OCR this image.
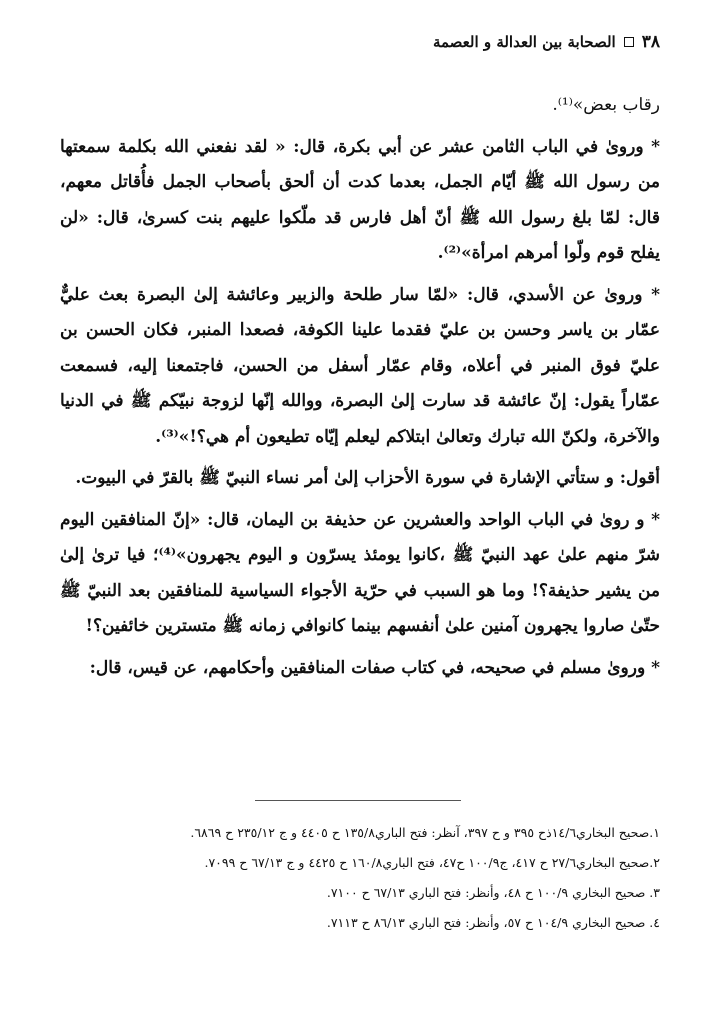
٣٨
الصحابة بين العدالة و العصمة

رقاب بعض»⁽¹⁾.

* وروىٰ في الباب الثامن عشر عن أبي بكرة، قال: « لقد نفعني الله بكلمة سمعتها من رسول الله ﷺ أيّام الجمل، بعدما كدت أن ألحق بأصحاب الجمل فأُقاتل معهم، قال: لمّا بلغ رسول الله ﷺ أنّ أهل فارس قد ملّكوا عليهم بنت كسرىٰ، قال: «لن يفلح قوم ولّوا أمرهم امرأة»⁽²⁾.

* وروىٰ عن الأسدي، قال: «لمّا سار طلحة والزبير وعائشة إلىٰ البصرة بعث عليٌّ عمّار بن ياسر وحسن بن عليّ فقدما علينا الكوفة، فصعدا المنبر، فكان الحسن بن عليّ فوق المنبر في أعلاه، وقام عمّار أسفل من الحسن، فاجتمعنا إليه، فسمعت عمّاراً يقول: إنّ عائشة قد سارت إلىٰ البصرة، ووالله إنّها لزوجة نبيّكم ﷺ في الدنيا والآخرة، ولكنّ الله تبارك وتعالىٰ ابتلاكم ليعلم إيّاه تطيعون أم هي؟!»⁽³⁾.

أقول: و ستأتي الإشارة في سورة الأحزاب إلىٰ أمر نساء النبيّ ﷺ بالقرّ في البيوت.

* و روىٰ في الباب الواحد والعشرين عن حذيفة بن اليمان، قال: «إنّ المنافقين اليوم شرّ منهم علىٰ عهد النبيّ ﷺ ،كانوا يومئذ يسرّون و اليوم يجهرون»⁽⁴⁾؛ فيا ترىٰ إلىٰ من يشير حذيفة؟! وما هو السبب في حرّية الأجواء السياسية للمنافقين بعد النبيّ ﷺ حتّىٰ صاروا يجهرون آمنين علىٰ أنفسهم بينما كانوافي زمانه ﷺ متسترين خائفين؟!

* وروىٰ مسلم في صحيحه، في كتاب صفات المنافقين وأحكامهم، عن قيس، قال:

١.صحيح البخاري١٤/٦ذح ٣٩٥ و ح ٣٩٧، آنظر: فتح الباري١٣٥/٨ ح ٤٤٠٥ و ج ٢٣٥/١٢ ح ٦٨٦٩.
٢.صحيح البخاري٢٧/٦ ح ٤١٧، ج١٠٠/٩ ح٤٧، فتح الباري١٦٠/٨ ح ٤٤٢٥ و ج ٦٧/١٣ ح ٧٠٩٩.
٣. صحيح البخاري ١٠٠/٩ ح ٤٨، وأنظر: فتح الباري ٦٧/١٣ ح ٧١٠٠.
٤. صحيح البخاري ١٠٤/٩ ح ٥٧، وأنظر: فتح الباري ٨٦/١٣ ح ٧١١٣.
